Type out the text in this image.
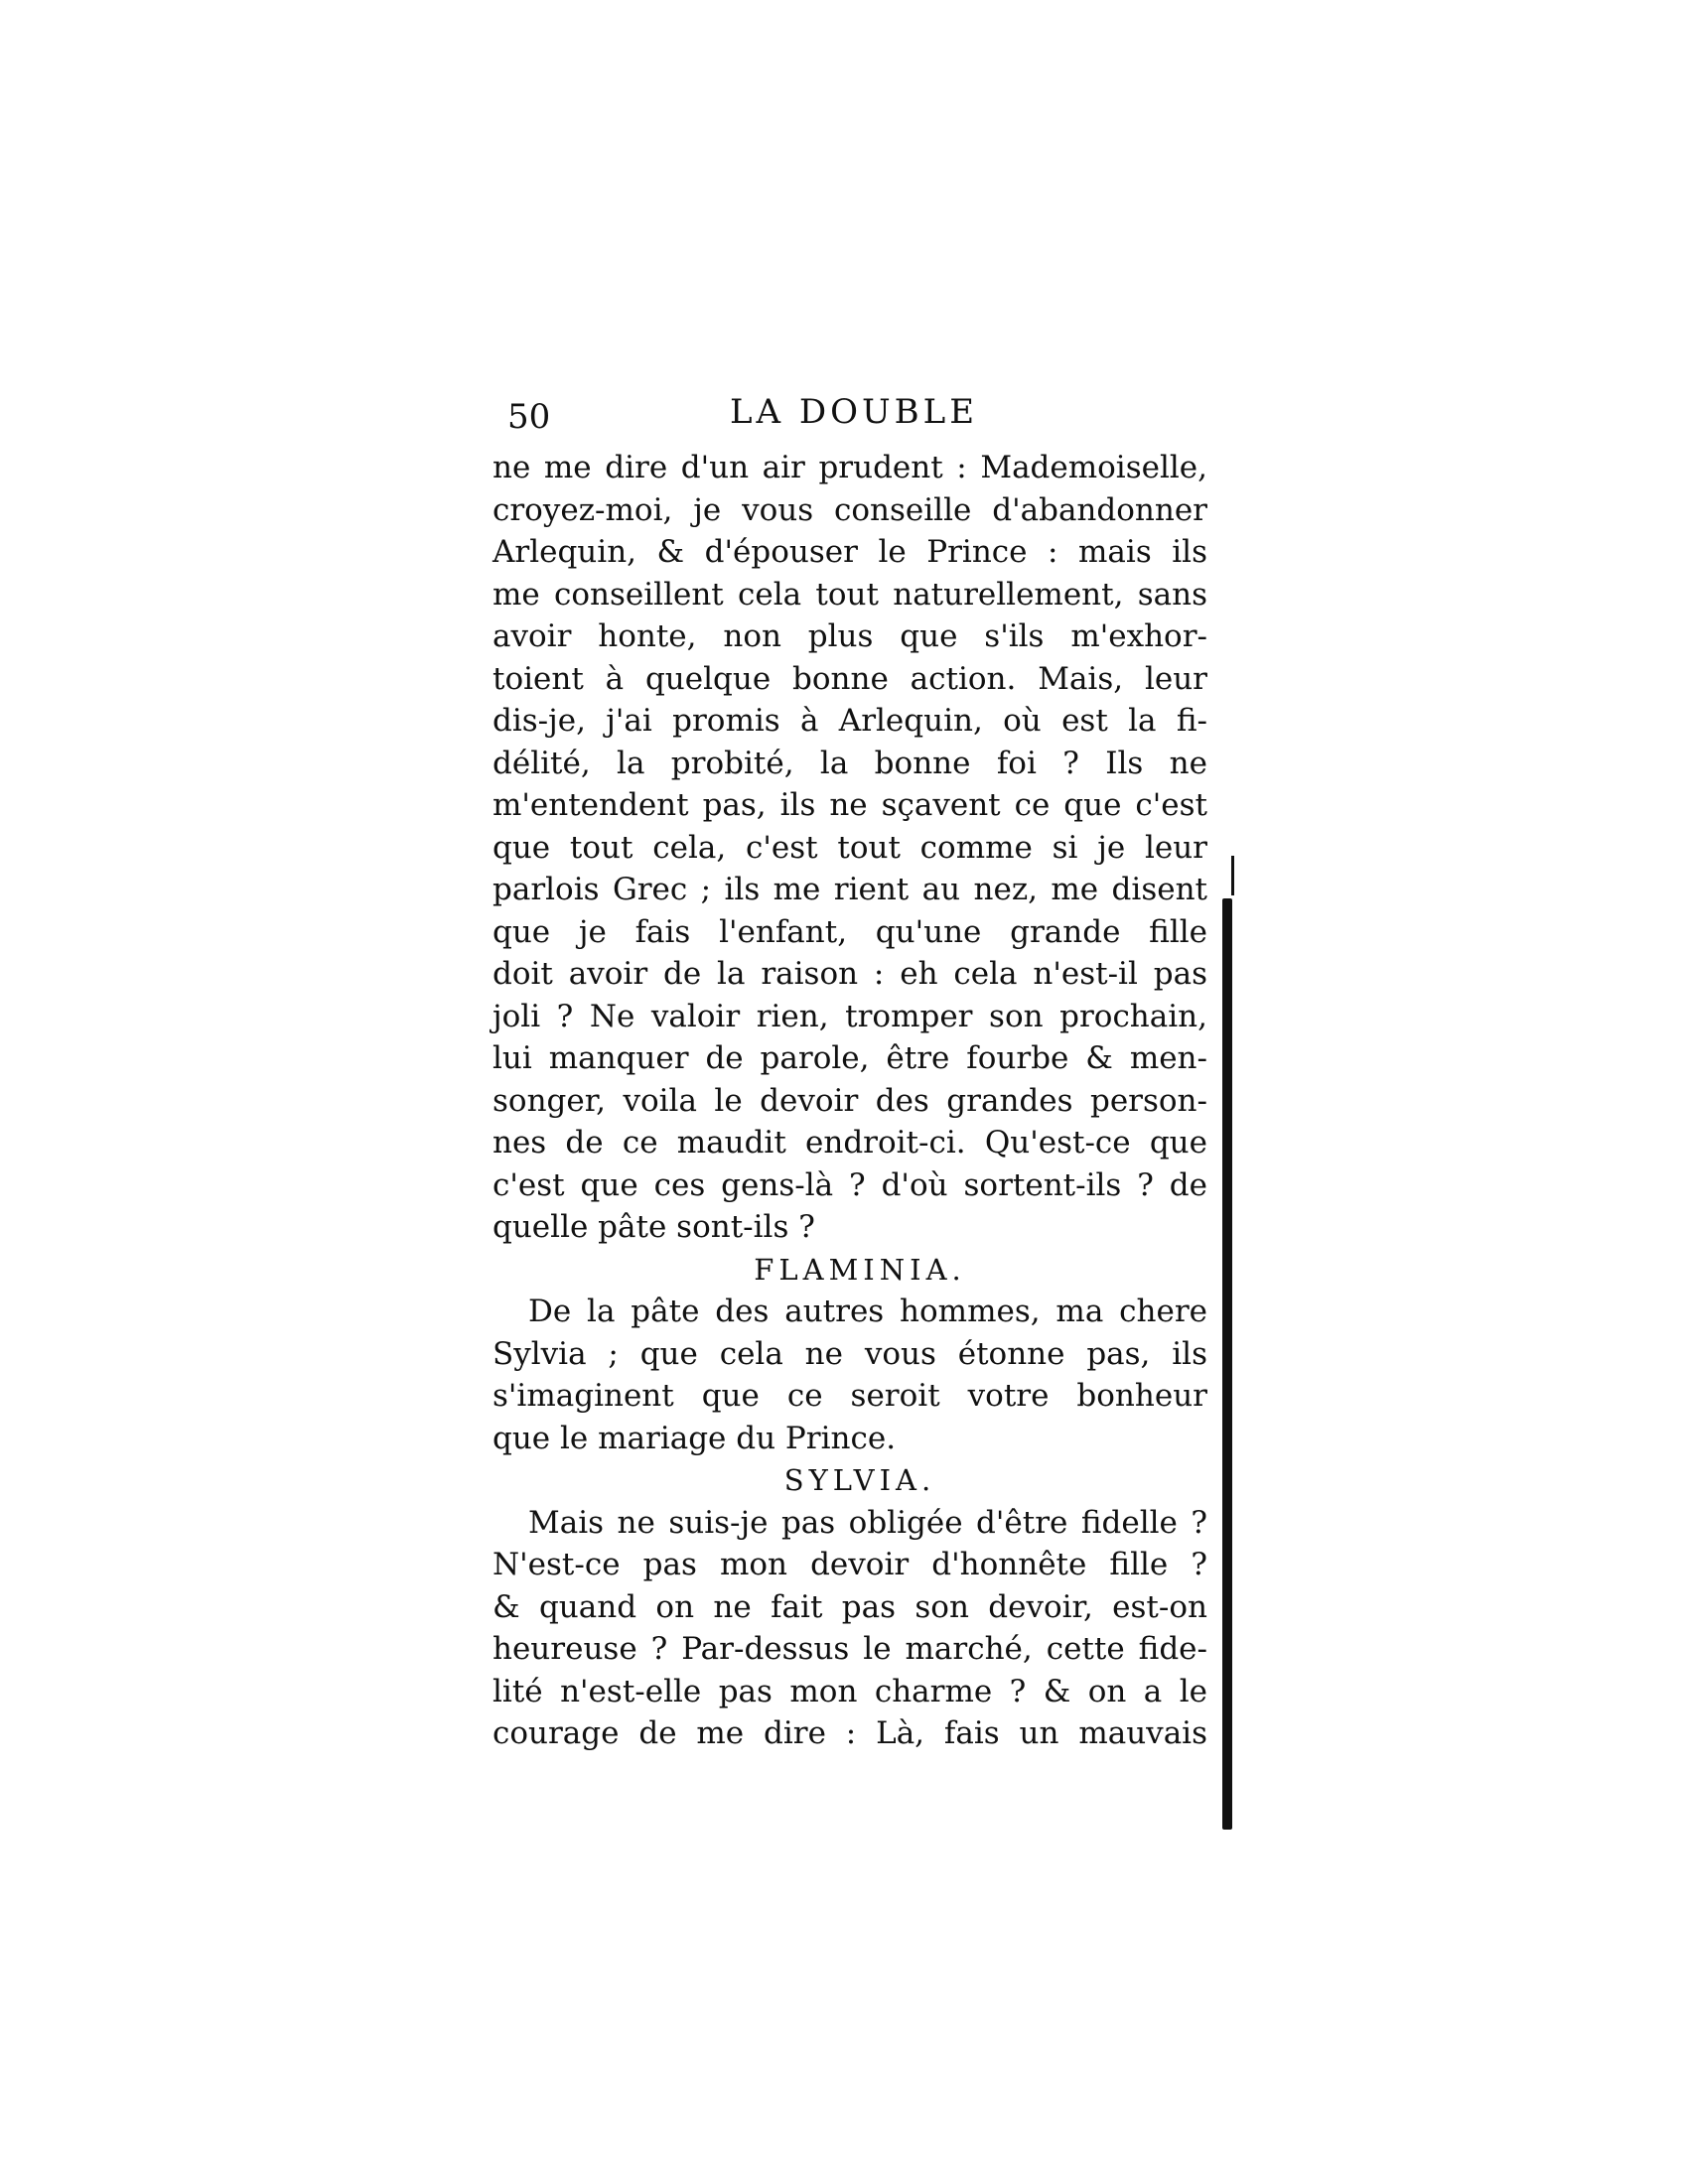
50	LA DOUBLE
ne me dire d'un air prudent : Mademoiselle,
croyez-moi, je vous conseille d'abandonner
Arlequin, & d'épouser le Prince : mais ils
me conseillent cela tout naturellement, sans
avoir honte, non plus que s'ils m'exhor-
toient à quelque bonne action. Mais, leur
dis-je, j'ai promis à Arlequin, où est la fi-
délité, la probité, la bonne foi ? Ils ne
m'entendent pas, ils ne sçavent ce que c'est
que tout cela, c'est tout comme si je leur
parlois Grec ; ils me rient au nez, me disent
que je fais l'enfant, qu'une grande fille
doit avoir de la raison : eh cela n'est-il pas
joli ? Ne valoir rien, tromper son prochain,
lui manquer de parole, être fourbe & men-
songer, voila le devoir des grandes person-
nes de ce maudit endroit-ci. Qu'est-ce que
c'est que ces gens-là ? d'où sortent-ils ? de
quelle pâte sont-ils ?
FLAMINIA.
De la pâte des autres hommes, ma chere
Sylvia ; que cela ne vous étonne pas, ils
s'imaginent que ce seroit votre bonheur
que le mariage du Prince.
SYLVIA.
Mais ne suis-je pas obligée d'être fidelle ?
N'est-ce pas mon devoir d'honnête fille ?
& quand on ne fait pas son devoir, est-on
heureuse ? Par-dessus le marché, cette fide-
lité n'est-elle pas mon charme ? & on a le
courage de me dire : Là, fais un mauvais
